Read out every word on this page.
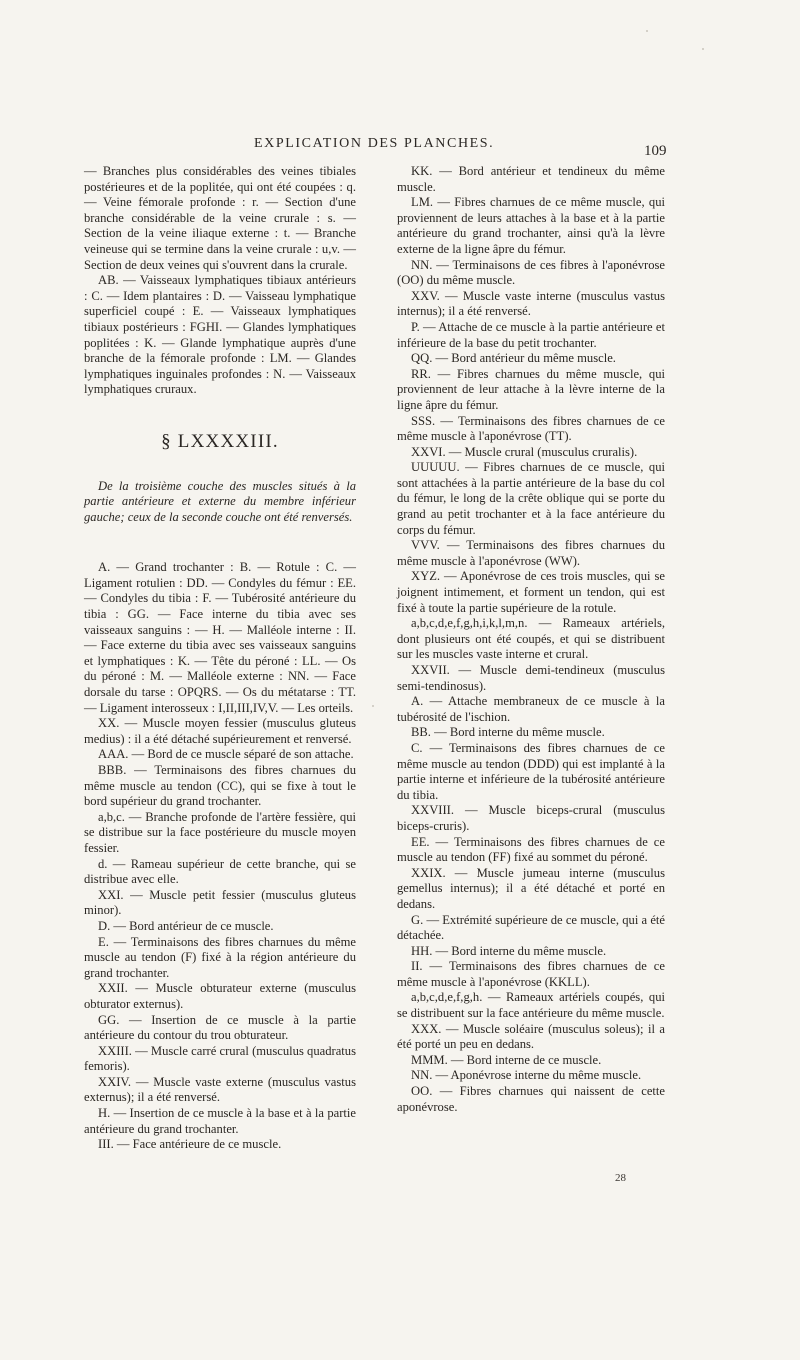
EXPLICATION DES PLANCHES.	109

— Branches plus considérables des veines tibiales postérieures et de la poplitée, qui ont été coupées : q. — Veine fémorale profonde : r. — Section d'une branche considérable de la veine crurale : s. — Section de la veine iliaque externe : t. — Branche veineuse qui se termine dans la veine crurale : u,v. — Section de deux veines qui s'ouvrent dans la crurale.

AB. — Vaisseaux lymphatiques tibiaux antérieurs : C. — Idem plantaires : D. — Vaisseau lymphatique superficiel coupé : E. — Vaisseaux lymphatiques tibiaux postérieurs : FGHI. — Glandes lymphatiques poplitées : K. — Glande lymphatique auprès d'une branche de la fémorale profonde : LM. — Glandes lymphatiques inguinales profondes : N. — Vaisseaux lymphatiques cruraux.

§ LXXXXIII.
De la troisième couche des muscles situés à la partie antérieure et externe du membre inférieur gauche; ceux de la seconde couche ont été renversés.

A. — Grand trochanter : B. — Rotule : C. — Ligament rotulien : DD. — Condyles du fémur : EE. — Condyles du tibia : F. — Tubérosité antérieure du tibia : GG. — Face interne du tibia avec ses vaisseaux sanguins : — H. — Malléole interne : II. — Face externe du tibia avec ses vaisseaux sanguins et lymphatiques : K. — Tête du péroné : LL. — Os du péroné : M. — Malléole externe : NN. — Face dorsale du tarse : OPQRS. — Os du métatarse : TT. — Ligament interosseux : I,II,III,IV,V. — Les orteils.

XX. — Muscle moyen fessier (musculus gluteus medius) : il a été détaché supérieurement et renversé.

AAA. — Bord de ce muscle séparé de son attache.

BBB. — Terminaisons des fibres charnues du même muscle au tendon (CC), qui se fixe à tout le bord supérieur du grand trochanter.

a,b,c. — Branche profonde de l'artère fessière, qui se distribue sur la face postérieure du muscle moyen fessier.

d. — Rameau supérieur de cette branche, qui se distribue avec elle.

XXI. — Muscle petit fessier (musculus gluteus minor).

D. — Bord antérieur de ce muscle.

E. — Terminaisons des fibres charnues du même muscle au tendon (F) fixé à la région antérieure du grand trochanter.

XXII. — Muscle obturateur externe (musculus obturator externus).

GG. — Insertion de ce muscle à la partie antérieure du contour du trou obturateur.

XXIII. — Muscle carré crural (musculus quadratus femoris).

XXIV. — Muscle vaste externe (musculus vastus externus); il a été renversé.

H. — Insertion de ce muscle à la base et à la partie antérieure du grand trochanter.

III. — Face antérieure de ce muscle.

KK. — Bord antérieur et tendineux du même muscle.

LM. — Fibres charnues de ce même muscle, qui proviennent de leurs attaches à la base et à la partie antérieure du grand trochanter, ainsi qu'à la lèvre externe de la ligne âpre du fémur.

NN. — Terminaisons de ces fibres à l'aponévrose (OO) du même muscle.

XXV. — Muscle vaste interne (musculus vastus internus); il a été renversé.

P. — Attache de ce muscle à la partie antérieure et inférieure de la base du petit trochanter.

QQ. — Bord antérieur du même muscle.

RR. — Fibres charnues du même muscle, qui proviennent de leur attache à la lèvre interne de la ligne âpre du fémur.

SSS. — Terminaisons des fibres charnues de ce même muscle à l'aponévrose (TT).

XXVI. — Muscle crural (musculus cruralis).

UUUUU. — Fibres charnues de ce muscle, qui sont attachées à la partie antérieure de la base du col du fémur, le long de la crête oblique qui se porte du grand au petit trochanter et à la face antérieure du corps du fémur.

VVV. — Terminaisons des fibres charnues du même muscle à l'aponévrose (WW).

XYZ. — Aponévrose de ces trois muscles, qui se joignent intimement, et forment un tendon, qui est fixé à toute la partie supérieure de la rotule.

a,b,c,d,e,f,g,h,i,k,l,m,n. — Rameaux artériels, dont plusieurs ont été coupés, et qui se distribuent sur les muscles vaste interne et crural.

XXVII. — Muscle demi-tendineux (musculus semi-tendinosus).

A. — Attache membraneux de ce muscle à la tubérosité de l'ischion.

BB. — Bord interne du même muscle.

C. — Terminaisons des fibres charnues de ce même muscle au tendon (DDD) qui est implanté à la partie interne et inférieure de la tubérosité antérieure du tibia.

XXVIII. — Muscle biceps-crural (musculus biceps-cruris).

EE. — Terminaisons des fibres charnues de ce muscle au tendon (FF) fixé au sommet du péroné.

XXIX. — Muscle jumeau interne (musculus gemellus internus); il a été détaché et porté en dedans.

G. — Extrémité supérieure de ce muscle, qui a été détachée.

HH. — Bord interne du même muscle.

II. — Terminaisons des fibres charnues de ce même muscle à l'aponévrose (KKLL).

a,b,c,d,e,f,g,h. — Rameaux artériels coupés, qui se distribuent sur la face antérieure du même muscle.

XXX. — Muscle soléaire (musculus soleus); il a été porté un peu en dedans.

MMM. — Bord interne de ce muscle.

NN. — Aponévrose interne du même muscle.

OO. — Fibres charnues qui naissent de cette aponévrose.

28
